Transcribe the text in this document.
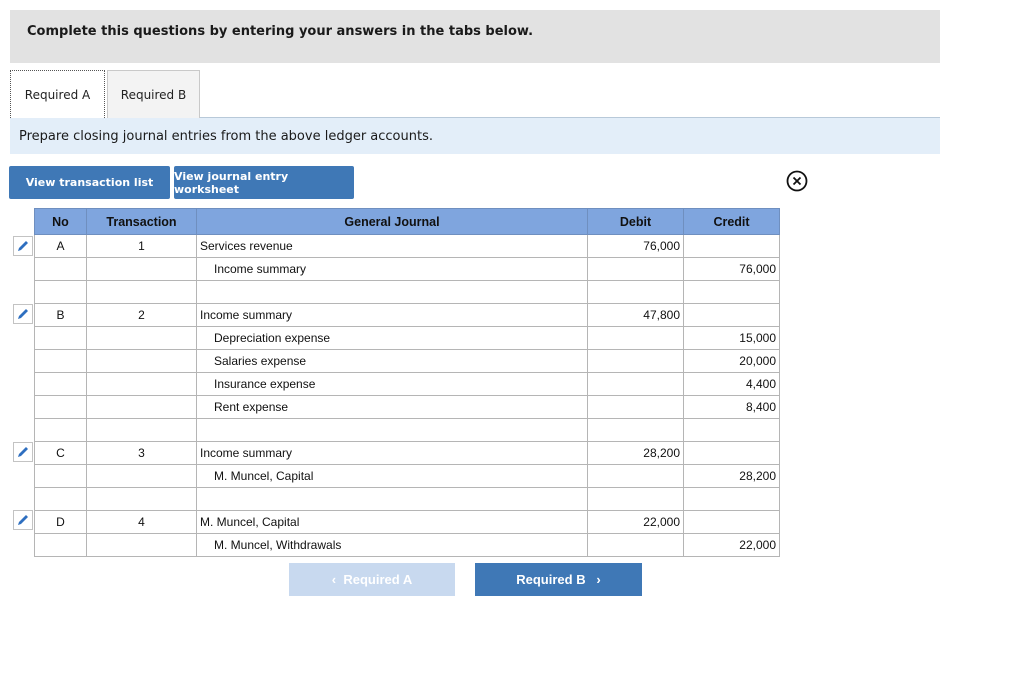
Complete this questions by entering your answers in the tabs below.
Required A	Required B
Prepare closing journal entries from the above ledger accounts.
View transaction list	View journal entry worksheet
No	Transaction	General Journal	Debit	Credit
A	1	Services revenue	76,000	
		Income summary		76,000

B	2	Income summary	47,800	
		Depreciation expense		15,000
		Salaries expense		20,000
		Insurance expense		4,400
		Rent expense		8,400

C	3	Income summary	28,200	
		M. Muncel, Capital		28,200

D	4	M. Muncel, Capital	22,000	
		M. Muncel, Withdrawals		22,000
‹
Required A	Required B
›
